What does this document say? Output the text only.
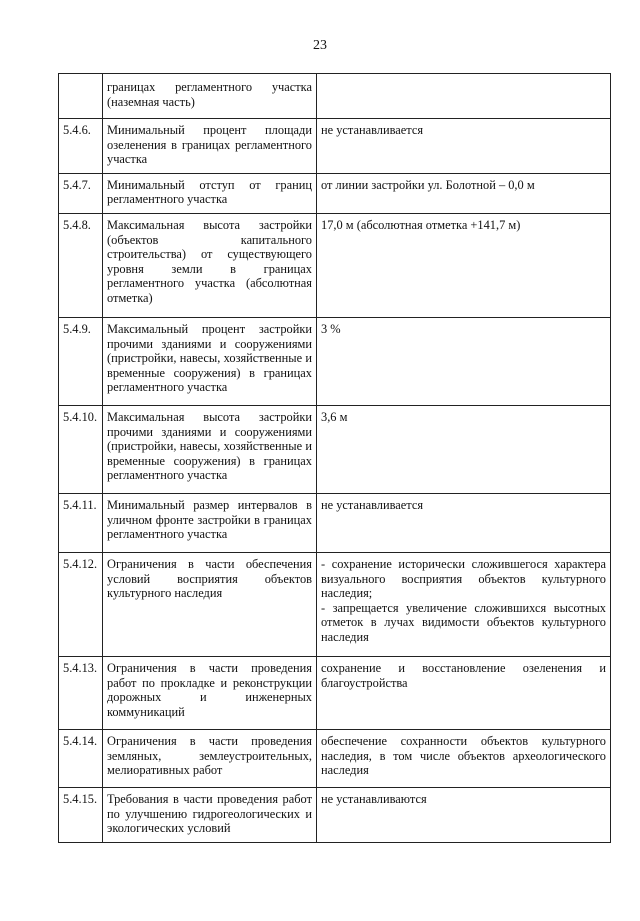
23
	границах регламентного участка (наземная часть)	
5.4.6.	Минимальный процент площади озеленения в границах регламентного участка	не устанавливается
5.4.7.	Минимальный отступ от границ регламентного участка	от линии застройки ул. Болотной – 0,0 м
5.4.8.	Максимальная высота застройки (объектов капитального строительства) от существующего уровня земли в границах регламентного участка (абсолютная отметка)	17,0 м (абсолютная отметка +141,7 м)
5.4.9.	Максимальный процент застройки прочими зданиями и сооружениями (пристройки, навесы, хозяйственные и временные сооружения) в границах регламентного участка	3 %
5.4.10.	Максимальная высота застройки прочими зданиями и сооружениями (пристройки, навесы, хозяйственные и временные сооружения) в границах регламентного участка	3,6 м
5.4.11.	Минимальный размер интервалов в уличном фронте застройки в границах регламентного участка	не устанавливается
5.4.12.	Ограничения в части обеспечения условий восприятия объектов культурного наследия	- сохранение исторически сложившегося характера визуального восприятия объектов культурного наследия;
- запрещается увеличение сложившихся высотных отметок в лучах видимости объектов культурного наследия
5.4.13.	Ограничения в части проведения работ по прокладке и реконструкции дорожных и инженерных коммуникаций	сохранение и восстановление озеленения и благоустройства
5.4.14.	Ограничения в части проведения земляных, землеустроительных, мелиоративных работ	обеспечение сохранности объектов культурного наследия, в том числе объектов археологического наследия
5.4.15.	Требования в части проведения работ по улучшению гидрогеологических и экологических условий	не устанавливаются
